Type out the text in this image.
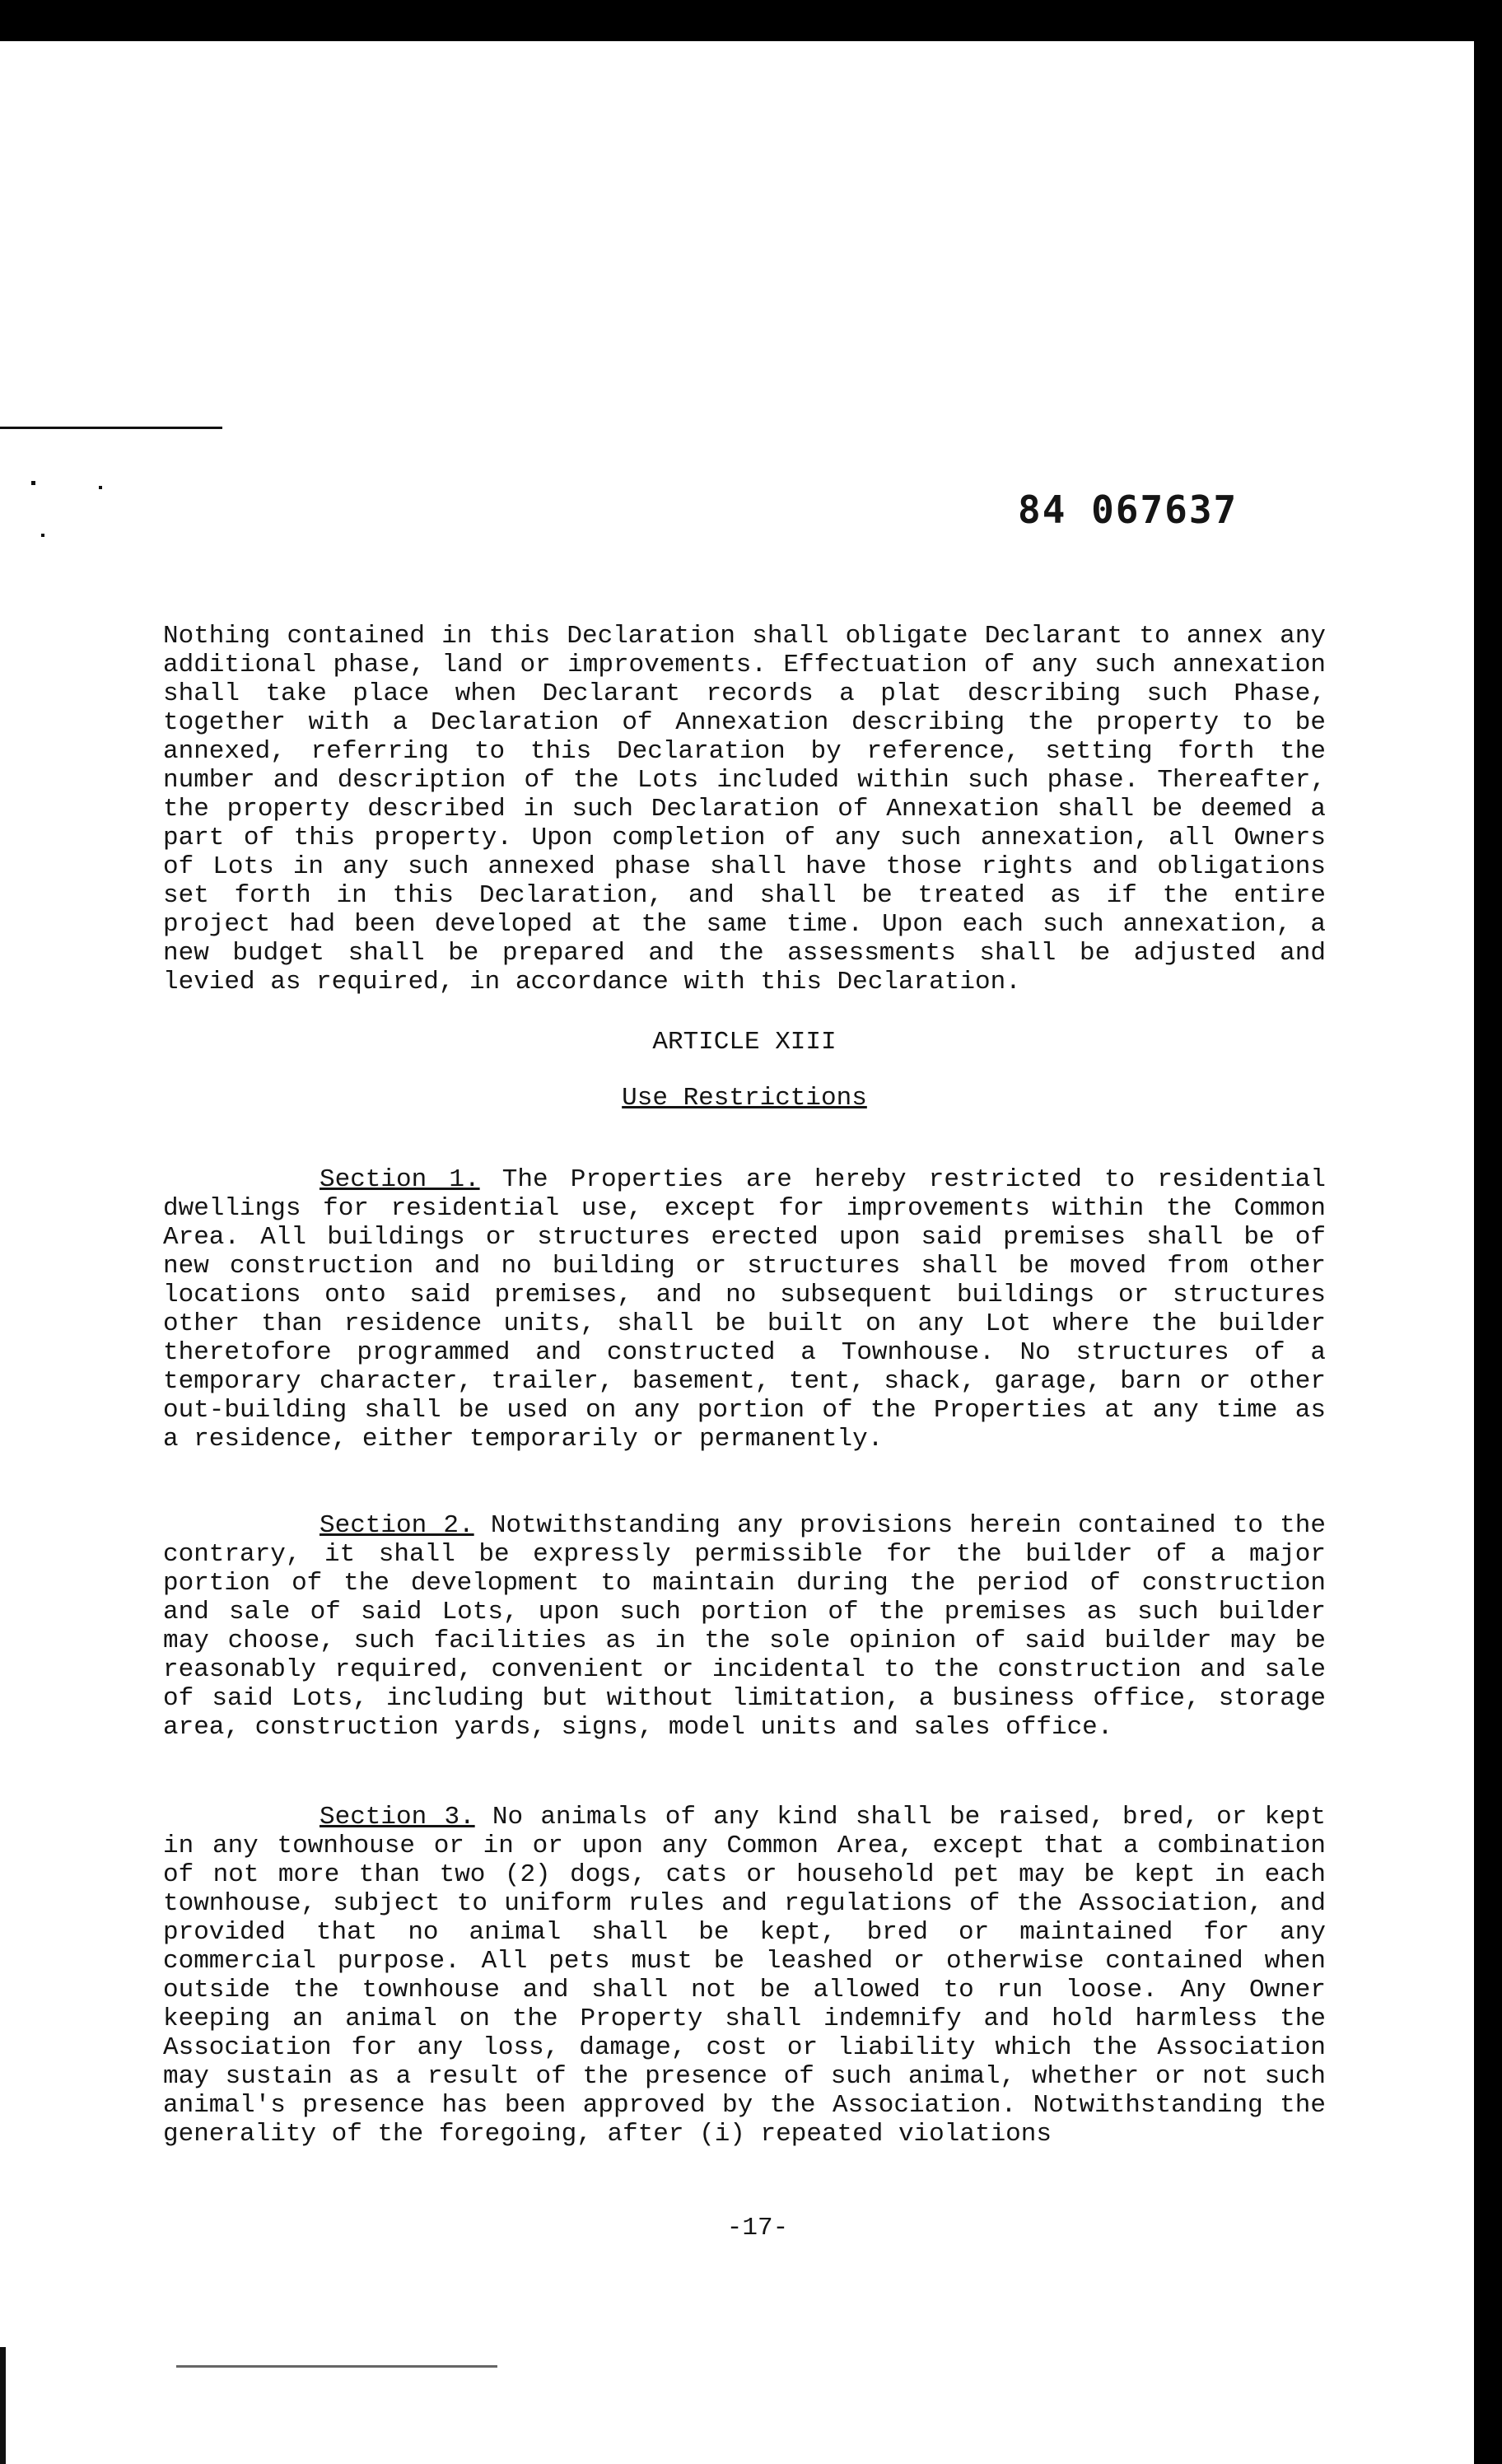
84 067637

Nothing contained in this Declaration shall obligate Declarant to annex any additional phase, land or improvements. Effectuation of any such annexation shall take place when Declarant records a plat describing such Phase, together with a Declaration of Annexation describing the property to be annexed, referring to this Declaration by reference, setting forth the number and description of the Lots included within such phase. Thereafter, the property described in such Declaration of Annexation shall be deemed a part of this property. Upon completion of any such annexation, all Owners of Lots in any such annexed phase shall have those rights and obligations set forth in this Declaration, and shall be treated as if the entire project had been developed at the same time. Upon each such annexation, a new budget shall be prepared and the assessments shall be adjusted and levied as required, in accordance with this Declaration.

ARTICLE XIII
Use Restrictions

Section 1. The Properties are hereby restricted to residential dwellings for residential use, except for improvements within the Common Area. All buildings or structures erected upon said premises shall be of new construction and no building or structures shall be moved from other locations onto said premises, and no subsequent buildings or structures other than residence units, shall be built on any Lot where the builder theretofore programmed and constructed a Townhouse. No structures of a temporary character, trailer, basement, tent, shack, garage, barn or other out-building shall be used on any portion of the Properties at any time as a residence, either temporarily or permanently.

Section 2. Notwithstanding any provisions herein contained to the contrary, it shall be expressly permissible for the builder of a major portion of the development to maintain during the period of construction and sale of said Lots, upon such portion of the premises as such builder may choose, such facilities as in the sole opinion of said builder may be reasonably required, convenient or incidental to the construction and sale of said Lots, including but without limitation, a business office, storage area, construction yards, signs, model units and sales office.

Section 3. No animals of any kind shall be raised, bred, or kept in any townhouse or in or upon any Common Area, except that a combination of not more than two (2) dogs, cats or household pet may be kept in each townhouse, subject to uniform rules and regulations of the Association, and provided that no animal shall be kept, bred or maintained for any commercial purpose. All pets must be leashed or otherwise contained when outside the townhouse and shall not be allowed to run loose. Any Owner keeping an animal on the Property shall indemnify and hold harmless the Association for any loss, damage, cost or liability which the Association may sustain as a result of the presence of such animal, whether or not such animal's presence has been approved by the Association. Notwithstanding the generality of the foregoing, after (i) repeated violations

-17-
